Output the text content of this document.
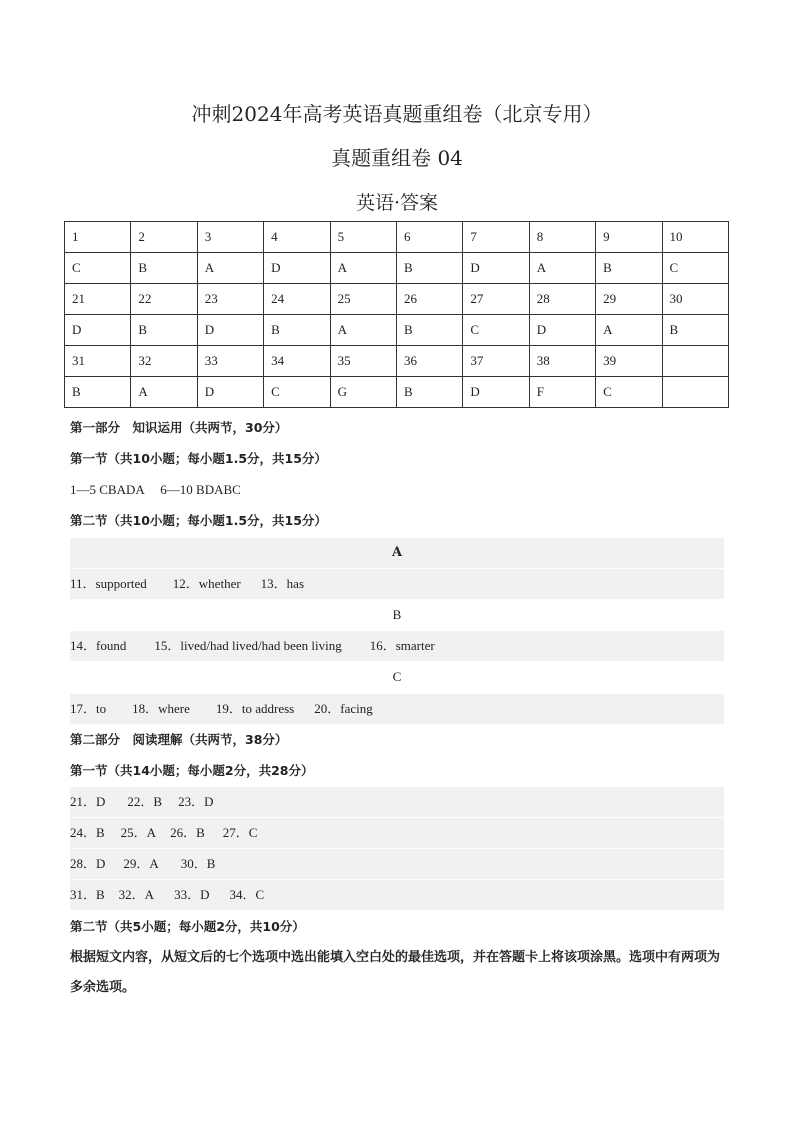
冲刺2024年高考英语真题重组卷（北京专用）
真题重组卷 04
英语·答案
1	2	3	4	5	6	7	8	9	10
C	B	A	D	A	B	D	A	B	C
21	22	23	24	25	26	27	28	29	30
D	B	D	B	A	B	C	D	A	B
31	32	33	34	35	36	37	38	39	
B	A	D	C	G	B	D	F	C	
第一部分　知识运用（共两节，30分）
第一节（共10小题；每小题1.5分，共15分）
1—5 CBADA　 6—10 BDABC
第二节（共10小题；每小题1.5分，共15分）
A
11．supported 12．whether 13．has
B
14．found 15．lived/had lived/had been living 16．smarter
C
17．to 18．where 19．to address 20．facing
第二部分　阅读理解（共两节，38分）
第一节（共14小题；每小题2分，共28分）
21．D 22．B 23．D
24．B 25．A 26．B 27．C
28．D 29．A 30．B
31．B 32．A 33．D 34．C
第二节（共5小题；每小题2分，共10分）
根据短文内容，从短文后的七个选项中选出能填入空白处的最佳选项，并在答题卡上将该项涂黑。选项中有两项为多余选项。
